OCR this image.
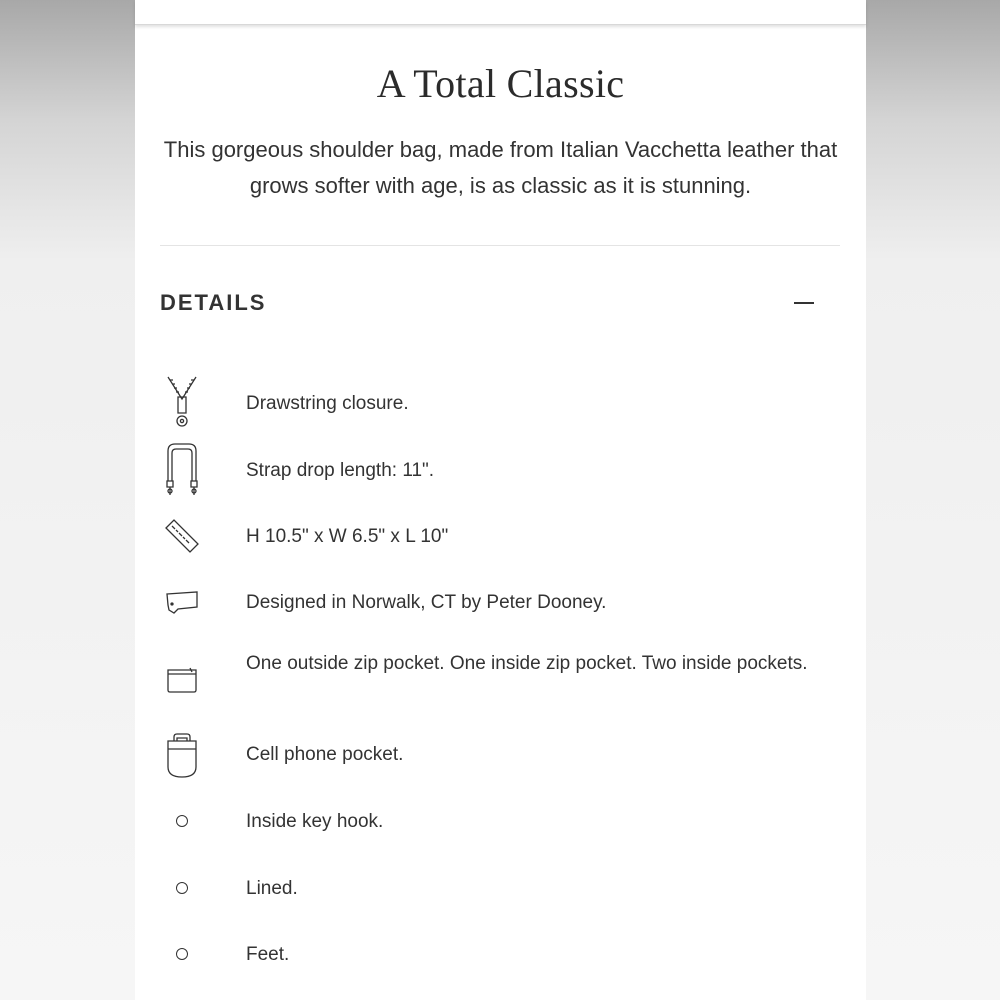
A Total Classic
This gorgeous shoulder bag, made from Italian Vacchetta leather that grows softer with age, is as classic as it is stunning.
DETAILS
Drawstring closure.
Strap drop length: 11".
H 10.5" x W 6.5" x L 10"
Designed in Norwalk, CT by Peter Dooney.
One outside zip pocket. One inside zip pocket. Two inside pockets.
Cell phone pocket.
Inside key hook.
Lined.
Feet.
